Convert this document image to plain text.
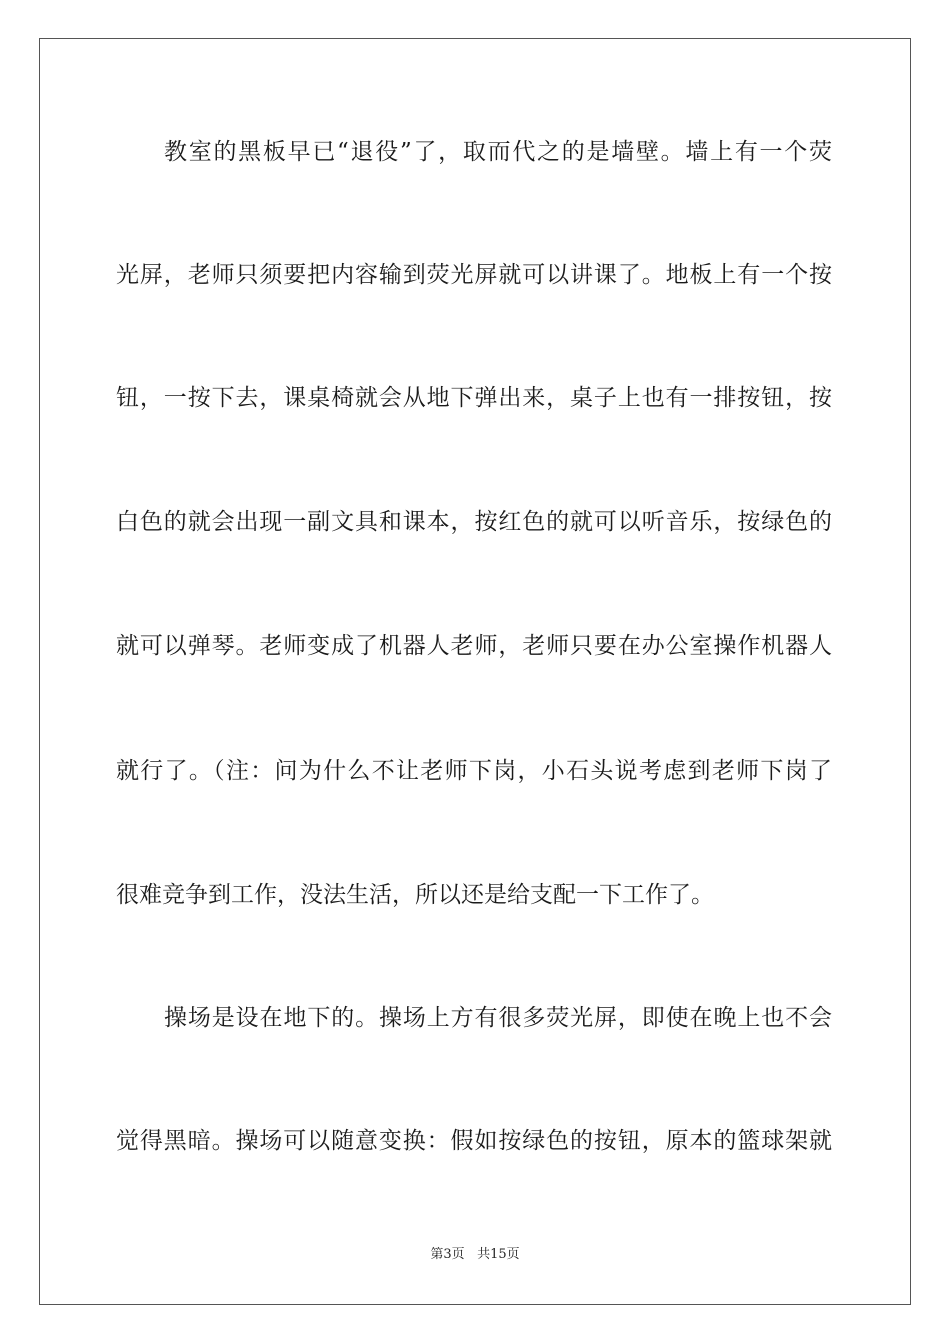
教室的黑板早已“退役”了，取而代之的是墙壁。墙上有一个荧
光屏，老师只须要把内容输到荧光屏就可以讲课了。地板上有一个按
钮，一按下去，课桌椅就会从地下弹出来，桌子上也有一排按钮，按
白色的就会出现一副文具和课本，按红色的就可以听音乐，按绿色的
就可以弹琴。老师变成了机器人老师，老师只要在办公室操作机器人
就行了。（注：问为什么不让老师下岗，小石头说考虑到老师下岗了
很难竞争到工作，没法生活，所以还是给支配一下工作了。
操场是设在地下的。操场上方有很多荧光屏，即使在晚上也不会
觉得黑暗。操场可以随意变换：假如按绿色的按钮，原本的篮球架就
第3页 共15页
